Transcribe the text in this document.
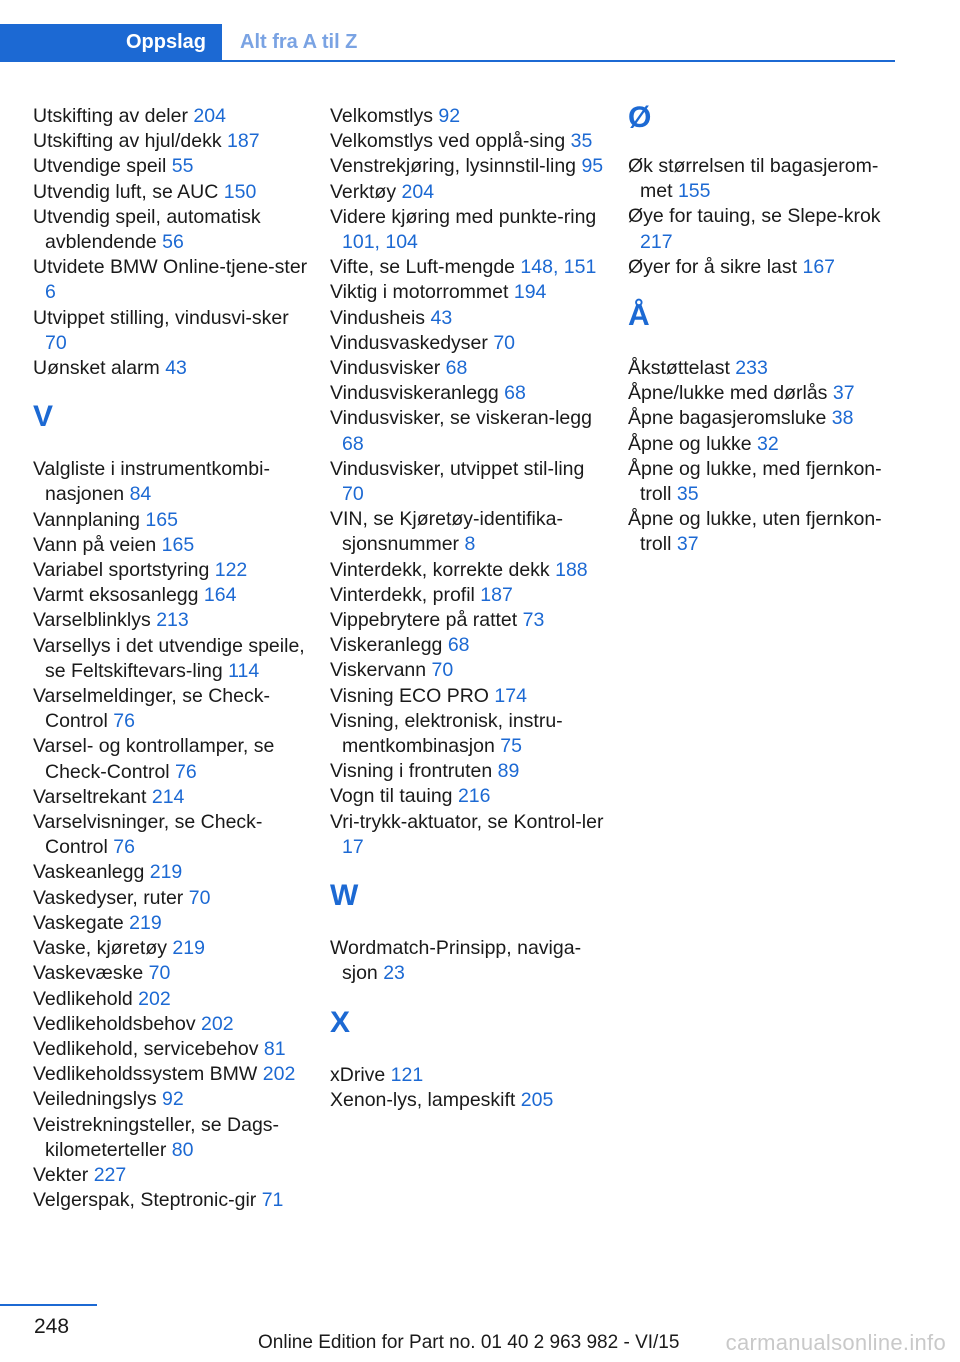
Oppslag	Alt fra A til Z
Utskifting av deler 204
Utskifting av hjul/dekk 187
Utvendige speil 55
Utvendig luft, se AUC 150
Utvendig speil, automatisk avblendende 56
Utvidete BMW Online-tjene-ster 6
Utvippet stilling, vindusvi-sker 70
Uønsket alarm 43
V
Valgliste i instrumentkombi-nasjonen 84
Vannplaning 165
Vann på veien 165
Variabel sportstyring 122
Varmt eksosanlegg 164
Varselblinklys 213
Varsellys i det utvendige speile, se Feltskiftevars-ling 114
Varselmeldinger, se Check-Control 76
Varsel- og kontrollamper, se Check-Control 76
Varseltrekant 214
Varselvisninger, se Check-Control 76
Vaskeanlegg 219
Vaskedyser, ruter 70
Vaskegate 219
Vaske, kjøretøy 219
Vaskevæske 70
Vedlikehold 202
Vedlikeholdsbehov 202
Vedlikehold, servicebehov 81
Vedlikeholdssystem BMW 202
Veiledningslys 92
Veistrekningsteller, se Dags-kilometerteller 80
Vekter 227
Velgerspak, Steptronic-gir 71
Velkomstlys 92
Velkomstlys ved opplå-sing 35
Venstrekjøring, lysinnstil-ling 95
Verktøy 204
Videre kjøring med punkte-ring 101, 104
Vifte, se Luft-mengde 148, 151
Viktig i motorrommet 194
Vindusheis 43
Vindusvaskedyser 70
Vindusvisker 68
Vindusviskeranlegg 68
Vindusvisker, se viskeran-legg 68
Vindusvisker, utvippet stil-ling 70
VIN, se Kjøretøy-identifika-sjonsnummer 8
Vinterdekk, korrekte dekk 188
Vinterdekk, profil 187
Vippebrytere på rattet 73
Viskeranlegg 68
Viskervann 70
Visning ECO PRO 174
Visning, elektronisk, instru-mentkombinasjon 75
Visning i frontruten 89
Vogn til tauing 216
Vri-trykk-aktuator, se Kontrol-ler 17
W
Wordmatch-Prinsipp, naviga-sjon 23
X
xDrive 121
Xenon-lys, lampeskift 205
Ø
Øk størrelsen til bagasjerom-met 155
Øye for tauing, se Slepe-krok 217
Øyer for å sikre last 167
Å
Åkstøttelast 233
Åpne/lukke med dørlås 37
Åpne bagasjeromsluke 38
Åpne og lukke 32
Åpne og lukke, med fjernkon-troll 35
Åpne og lukke, uten fjernkon-troll 37
248
Online Edition for Part no. 01 40 2 963 982 - VI/15 carmanualsonline.info
